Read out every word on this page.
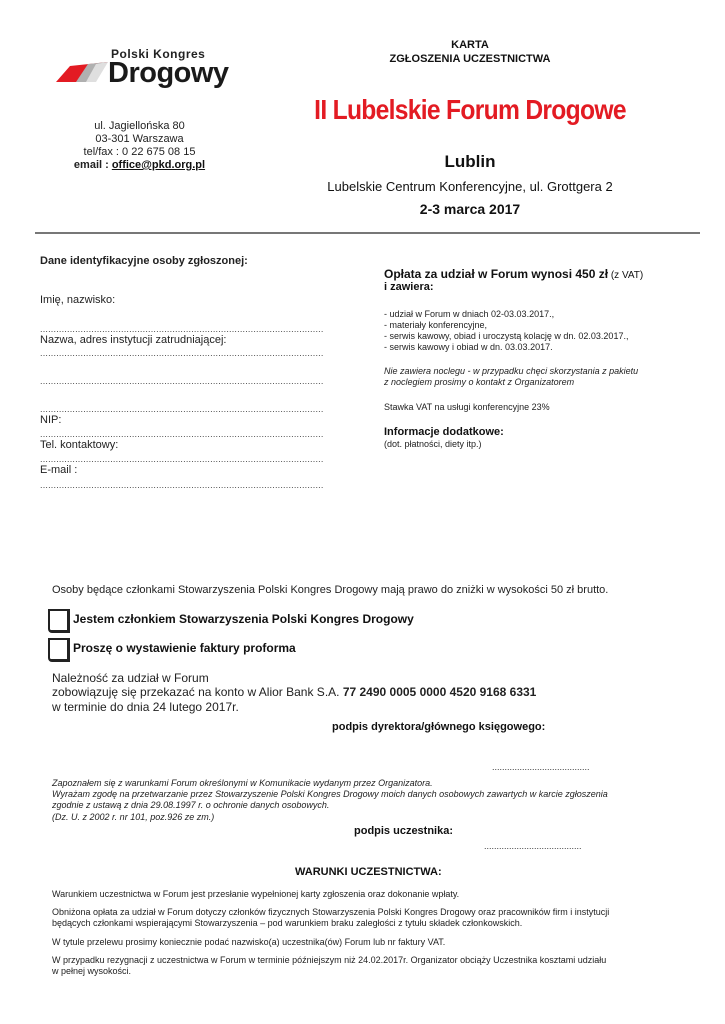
Polski Kongres
Drogowy
ul. Jagiellońska 80
03-301 Warszawa
tel/fax : 0 22 675 08 15
email : office@pkd.org.pl
KARTA
ZGŁOSZENIA UCZESTNICTWA
II Lubelskie Forum Drogowe
Lublin
Lubelskie Centrum Konferencyjne, ul. Grottgera 2
2-3 marca 2017
Dane identyfikacyjne osoby zgłoszonej:
Imię, nazwisko:
.........................................................................................................
Nazwa, adres instytucji zatrudniającej:
.........................................................................................................
.........................................................................................................
.........................................................................................................
NIP:
.........................................................................................................
Tel. kontaktowy:
.........................................................................................................
E-mail :
.........................................................................................................
Opłata za udział w Forum wynosi 450 zł (z VAT)
i zawiera:
- udział w Forum w dniach 02-03.03.2017.,
- materiały konferencyjne,
- serwis kawowy, obiad i uroczystą kolację w dn. 02.03.2017.,
- serwis kawowy i obiad w dn. 03.03.2017.
Nie zawiera noclegu - w przypadku chęci skorzystania z pakietu
z noclegiem prosimy o kontakt z Organizatorem
Stawka VAT na usługi konferencyjne 23%
Informacje dodatkowe:
(dot. płatności, diety itp.)
Osoby będące członkami Stowarzyszenia Polski Kongres Drogowy mają prawo do zniżki w wysokości 50 zł brutto.
Jestem członkiem Stowarzyszenia Polski Kongres Drogowy
Proszę o wystawienie faktury proforma
Należność za udział w Forum
zobowiązuję się przekazać na konto w Alior Bank S.A. 77 2490 0005 0000 4520 9168 6331
w terminie do dnia 24 lutego 2017r.
podpis dyrektora/głównego księgowego:
.......................................
Zapoznałem się z warunkami Forum określonymi w Komunikacie wydanym przez Organizatora.
Wyrażam zgodę na przetwarzanie przez Stowarzyszenie Polski Kongres Drogowy moich danych osobowych zawartych w karcie zgłoszenia
zgodnie z ustawą z dnia 29.08.1997 r. o ochronie danych osobowych.
(Dz. U. z 2002 r. nr 101, poz.926 ze zm.)
podpis uczestnika:
.......................................
WARUNKI UCZESTNICTWA:
Warunkiem uczestnictwa w Forum jest przesłanie wypełnionej karty zgłoszenia oraz dokonanie wpłaty.
Obniżona opłata za udział w Forum dotyczy członków fizycznych Stowarzyszenia Polski Kongres Drogowy oraz pracowników firm i instytucji
będących członkami wspierającymi Stowarzyszenia – pod warunkiem braku zaległości z tytułu składek członkowskich.
W tytule przelewu prosimy koniecznie podać nazwisko(a) uczestnika(ów) Forum lub nr faktury VAT.
W przypadku rezygnacji z uczestnictwa w Forum w terminie późniejszym niż 24.02.2017r. Organizator obciąży Uczestnika kosztami udziału
w pełnej wysokości.
